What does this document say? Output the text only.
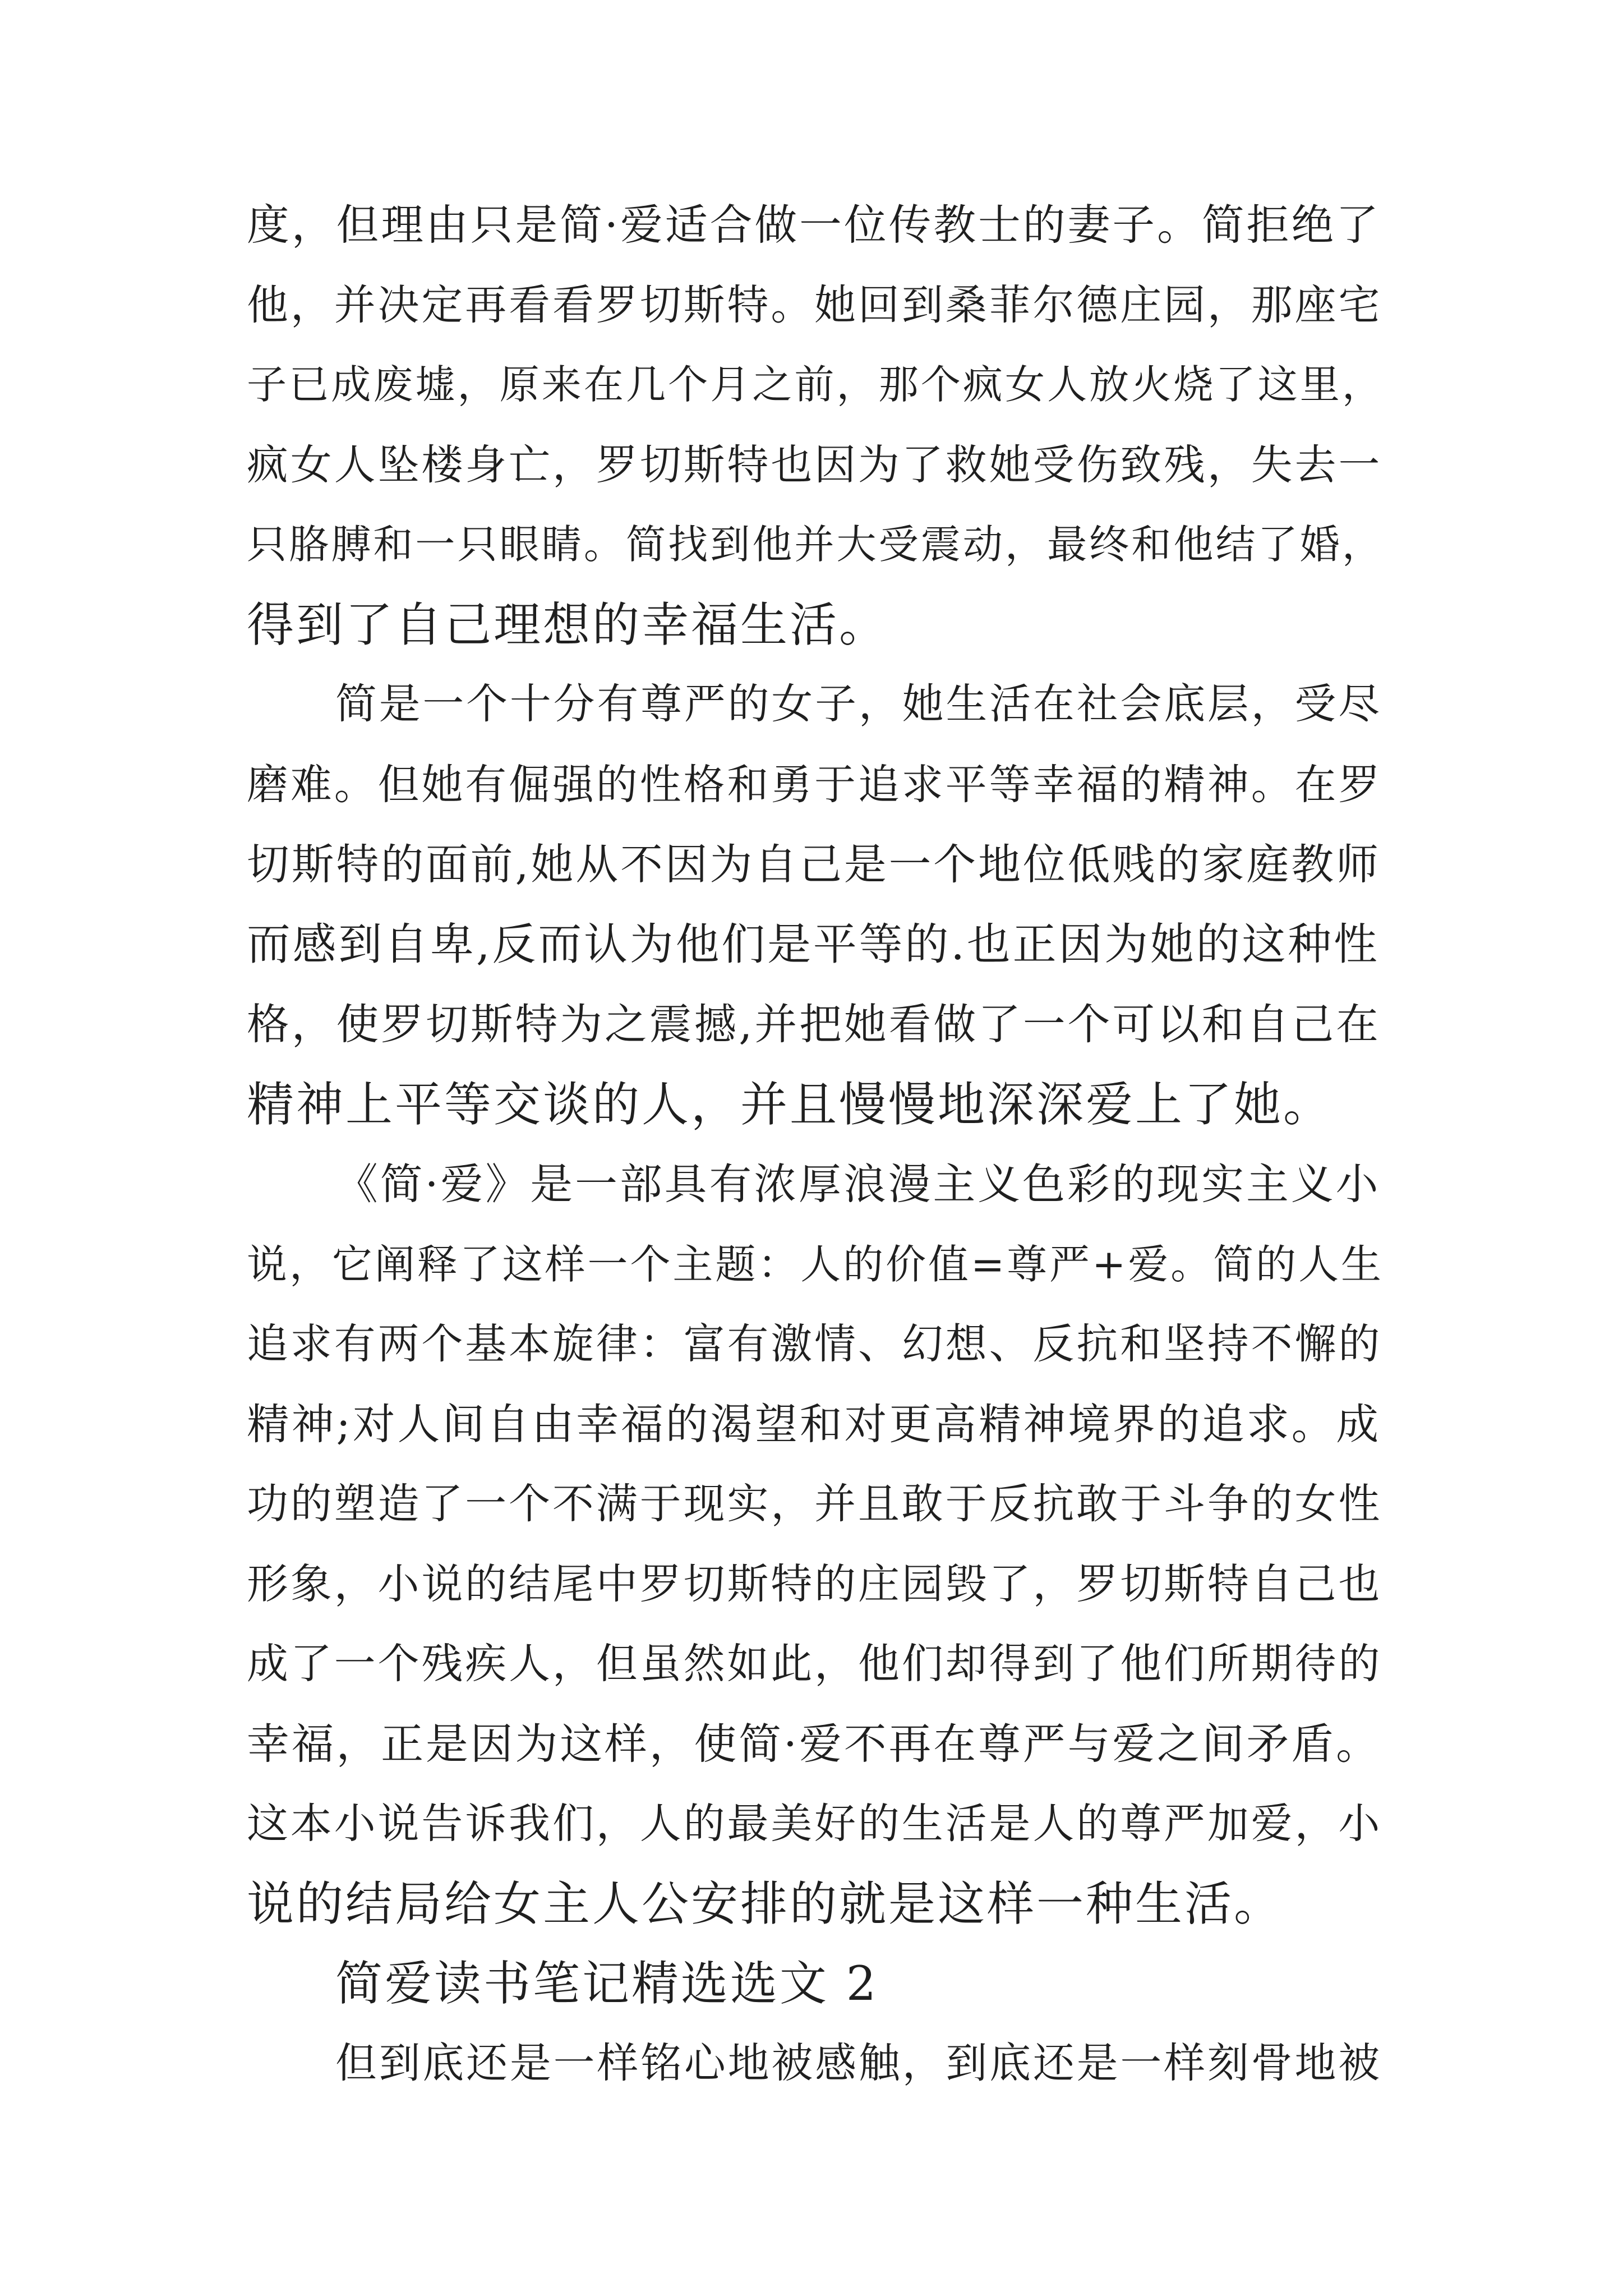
度，但理由只是简·爱适合做一位传教士的妻子。简拒绝了
他，并决定再看看罗切斯特。她回到桑菲尔德庄园，那座宅
子已成废墟，原来在几个月之前，那个疯女人放火烧了这里，
疯女人坠楼身亡，罗切斯特也因为了救她受伤致残，失去一
只胳膊和一只眼睛。简找到他并大受震动，最终和他结了婚，
得到了自己理想的幸福生活。
简是一个十分有尊严的女子，她生活在社会底层，受尽
磨难。但她有倔强的性格和勇于追求平等幸福的精神。在罗
切斯特的面前,她从不因为自己是一个地位低贱的家庭教师
而感到自卑,反而认为他们是平等的.也正因为她的这种性
格，使罗切斯特为之震撼,并把她看做了一个可以和自己在
精神上平等交谈的人，并且慢慢地深深爱上了她。
《简·爱》是一部具有浓厚浪漫主义色彩的现实主义小
说，它阐释了这样一个主题：人的价值=尊严+爱。简的人生
追求有两个基本旋律：富有激情、幻想、反抗和坚持不懈的
精神;对人间自由幸福的渴望和对更高精神境界的追求。成
功的塑造了一个不满于现实，并且敢于反抗敢于斗争的女性
形象，小说的结尾中罗切斯特的庄园毁了，罗切斯特自己也
成了一个残疾人，但虽然如此，他们却得到了他们所期待的
幸福，正是因为这样，使简·爱不再在尊严与爱之间矛盾。
这本小说告诉我们，人的最美好的生活是人的尊严加爱，小
说的结局给女主人公安排的就是这样一种生活。
简爱读书笔记精选选文 2
但到底还是一样铭心地被感触，到底还是一样刻骨地被
